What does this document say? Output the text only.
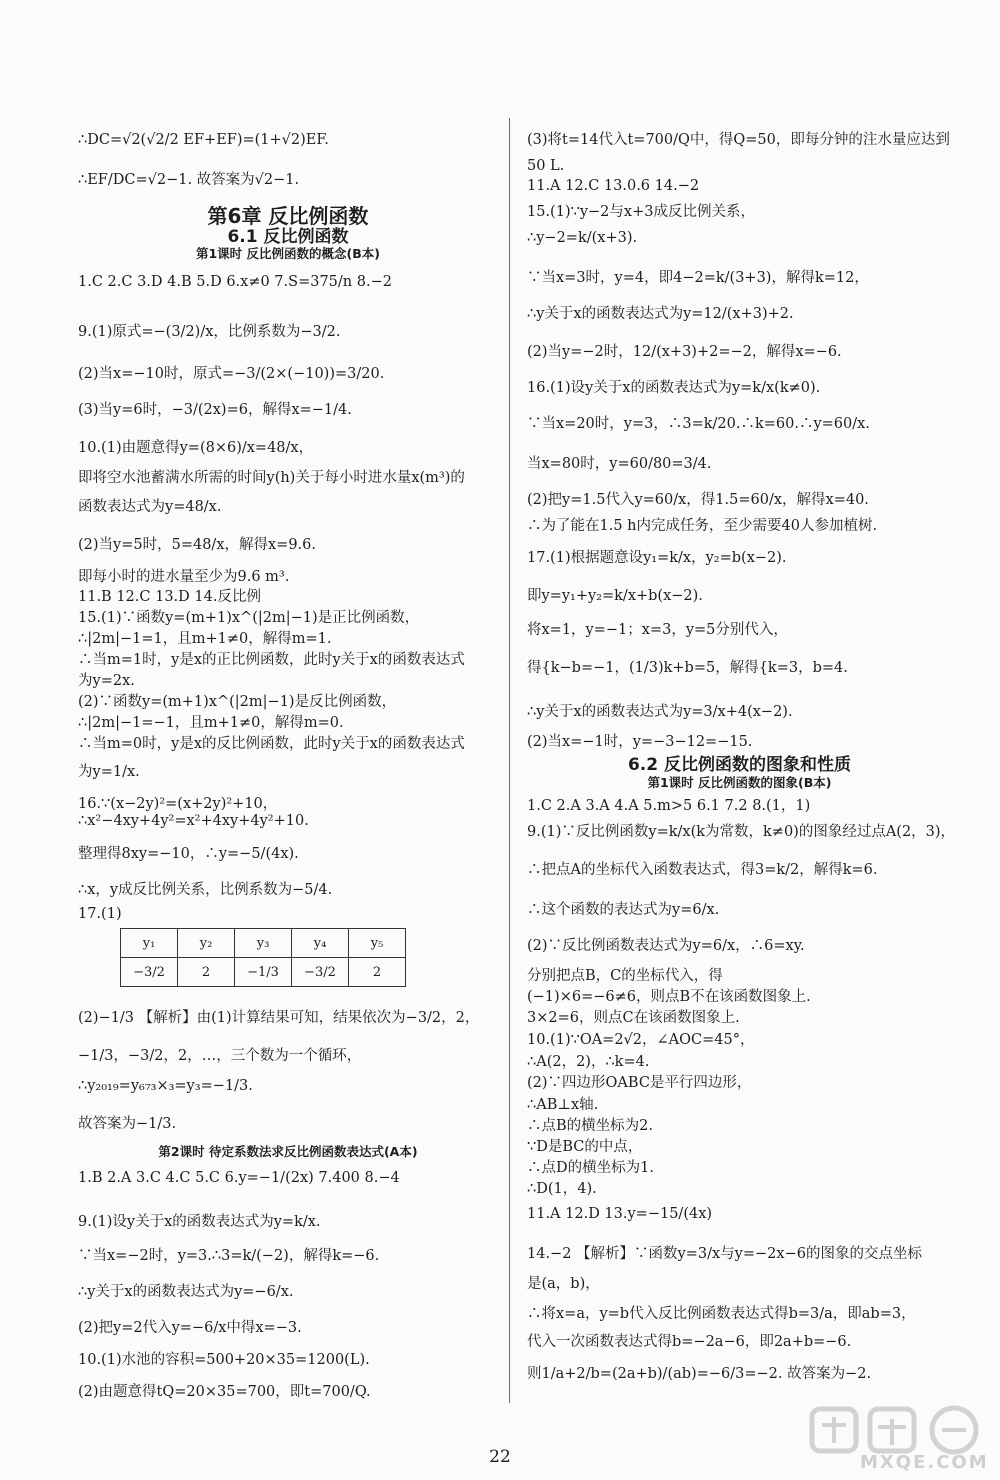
∴DC=√2(√2/2 EF+EF)=(1+√2)EF.
∴EF/DC=√2−1. 故答案为√2−1.
第6章 反比例函数
6.1 反比例函数
第1课时 反比例函数的概念(B本)
1.C 2.C 3.D 4.B 5.D 6.x≠0 7.S=375/n 8.−2
9.(1)原式=−(3/2)/x，比例系数为−3/2.
(2)当x=−10时，原式=−3/(2×(−10))=3/20.
(3)当y=6时，−3/(2x)=6，解得x=−1/4.
10.(1)由题意得y=(8×6)/x=48/x，
即将空水池蓄满水所需的时间y(h)关于每小时进水量x(m³)的
函数表达式为y=48/x.
(2)当y=5时，5=48/x，解得x=9.6.
即每小时的进水量至少为9.6 m³.
11.B 12.C 13.D 14.反比例
15.(1)∵函数y=(m+1)x^(|2m|−1)是正比例函数，
∴|2m|−1=1，且m+1≠0，解得m=1.
∴当m=1时，y是x的正比例函数，此时y关于x的函数表达式
为y=2x.
(2)∵函数y=(m+1)x^(|2m|−1)是反比例函数，
∴|2m|−1=−1，且m+1≠0，解得m=0.
∴当m=0时，y是x的反比例函数，此时y关于x的函数表达式
为y=1/x.
16.∵(x−2y)²=(x+2y)²+10，
∴x²−4xy+4y²=x²+4xy+4y²+10.
整理得8xy=−10，∴y=−5/(4x).
∴x，y成反比例关系，比例系数为−5/4.
17.(1)
y₁	y₂	y₃	y₄	y₅
−3/2	2	−1/3	−3/2	2
(2)−1/3 【解析】由(1)计算结果可知，结果依次为−3/2，2，
−1/3，−3/2，2，…，三个数为一个循环，
∴y₂₀₁₉=y₆₇₃×₃=y₃=−1/3.
故答案为−1/3.
第2课时 待定系数法求反比例函数表达式(A本)
1.B 2.A 3.C 4.C 5.C 6.y=−1/(2x) 7.400 8.−4
9.(1)设y关于x的函数表达式为y=k/x.
∵当x=−2时，y=3.∴3=k/(−2)，解得k=−6.
∴y关于x的函数表达式为y=−6/x.
(2)把y=2代入y=−6/x中得x=−3.
10.(1)水池的容积=500+20×35=1200(L).
(2)由题意得tQ=20×35=700，即t=700/Q.
(3)将t=14代入t=700/Q中，得Q=50，即每分钟的注水量应达到
50 L.
11.A 12.C 13.0.6 14.−2
15.(1)∵y−2与x+3成反比例关系，
∴y−2=k/(x+3).
∵当x=3时，y=4，即4−2=k/(3+3)，解得k=12，
∴y关于x的函数表达式为y=12/(x+3)+2.
(2)当y=−2时，12/(x+3)+2=−2，解得x=−6.
16.(1)设y关于x的函数表达式为y=k/x(k≠0).
∵当x=20时，y=3，∴3=k/20.∴k=60.∴y=60/x.
当x=80时，y=60/80=3/4.
(2)把y=1.5代入y=60/x，得1.5=60/x，解得x=40.
∴为了能在1.5 h内完成任务，至少需要40人参加植树.
17.(1)根据题意设y₁=k/x，y₂=b(x−2).
即y=y₁+y₂=k/x+b(x−2).
将x=1，y=−1；x=3，y=5分别代入，
得{k−b=−1，(1/3)k+b=5，解得{k=3，b=4.
∴y关于x的函数表达式为y=3/x+4(x−2).
(2)当x=−1时，y=−3−12=−15.
6.2 反比例函数的图象和性质
第1课时 反比例函数的图象(B本)
1.C 2.A 3.A 4.A 5.m>5 6.1 7.2 8.(1，1)
9.(1)∵反比例函数y=k/x(k为常数，k≠0)的图象经过点A(2，3)，
∴把点A的坐标代入函数表达式，得3=k/2，解得k=6.
∴这个函数的表达式为y=6/x.
(2)∵反比例函数表达式为y=6/x，∴6=xy.
分别把点B，C的坐标代入，得
(−1)×6=−6≠6，则点B不在该函数图象上.
3×2=6，则点C在该函数图象上.
10.(1)∵OA=2√2，∠AOC=45°，
∴A(2，2)，∴k=4.
(2)∵四边形OABC是平行四边形，
∴AB⊥x轴.
∴点B的横坐标为2.
∵D是BC的中点，
∴点D的横坐标为1.
∴D(1，4).
11.A 12.D 13.y=−15/(4x)
14.−2 【解析】∵函数y=3/x与y=−2x−6的图象的交点坐标
是(a，b)，
∴将x=a，y=b代入反比例函数表达式得b=3/a，即ab=3，
代入一次函数表达式得b=−2a−6，即2a+b=−6.
则1/a+2/b=(2a+b)/(ab)=−6/3=−2. 故答案为−2.
22	MXQE.COM
